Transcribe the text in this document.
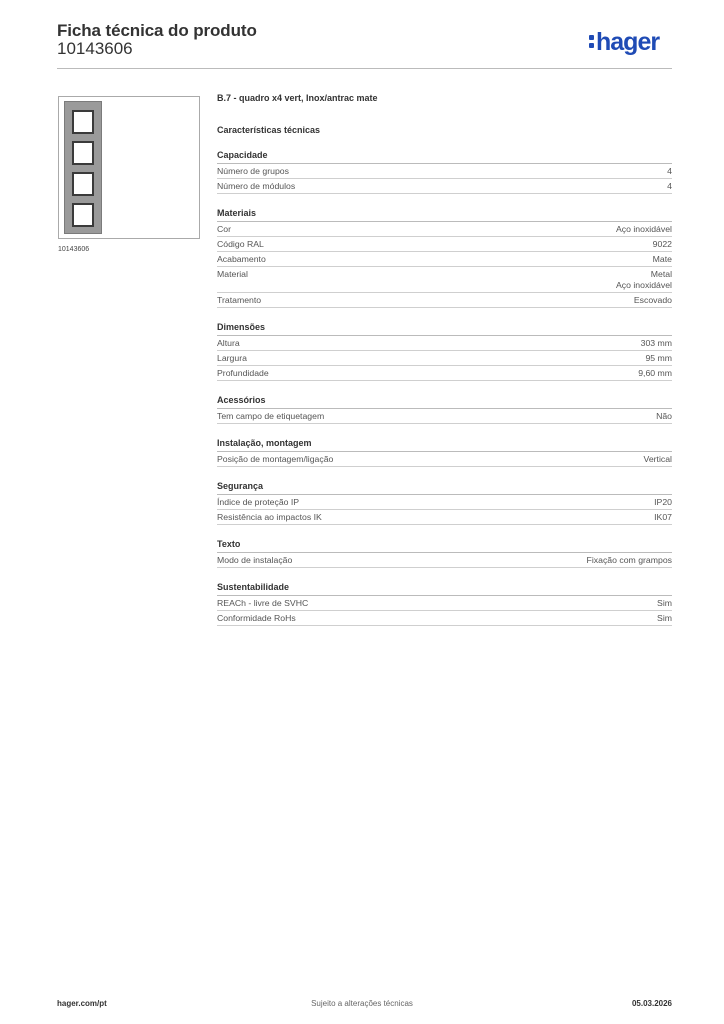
Ficha técnica do produto
10143606	hager
10143606
B.7 - quadro x4 vert, Inox/antrac mate
Características técnicas
Capacidade
Número de grupos	4
Número de módulos	4
Materiais
Cor	Aço inoxidável
Código RAL	9022
Acabamento	Mate
Material	Metal
Aço inoxidável
Tratamento	Escovado
Dimensões
Altura	303 mm
Largura	95 mm
Profundidade	9,60 mm
Acessórios
Tem campo de etiquetagem	Não
Instalação, montagem
Posição de montagem/ligação	Vertical
Segurança
Índice de proteção IP	IP20
Resistência ao impactos IK	IK07
Texto
Modo de instalação	Fixação com grampos
Sustentabilidade
REACh - livre de SVHC	Sim
Conformidade RoHs	Sim
hager.com/pt	Sujeito a alterações técnicas	05.03.2026
